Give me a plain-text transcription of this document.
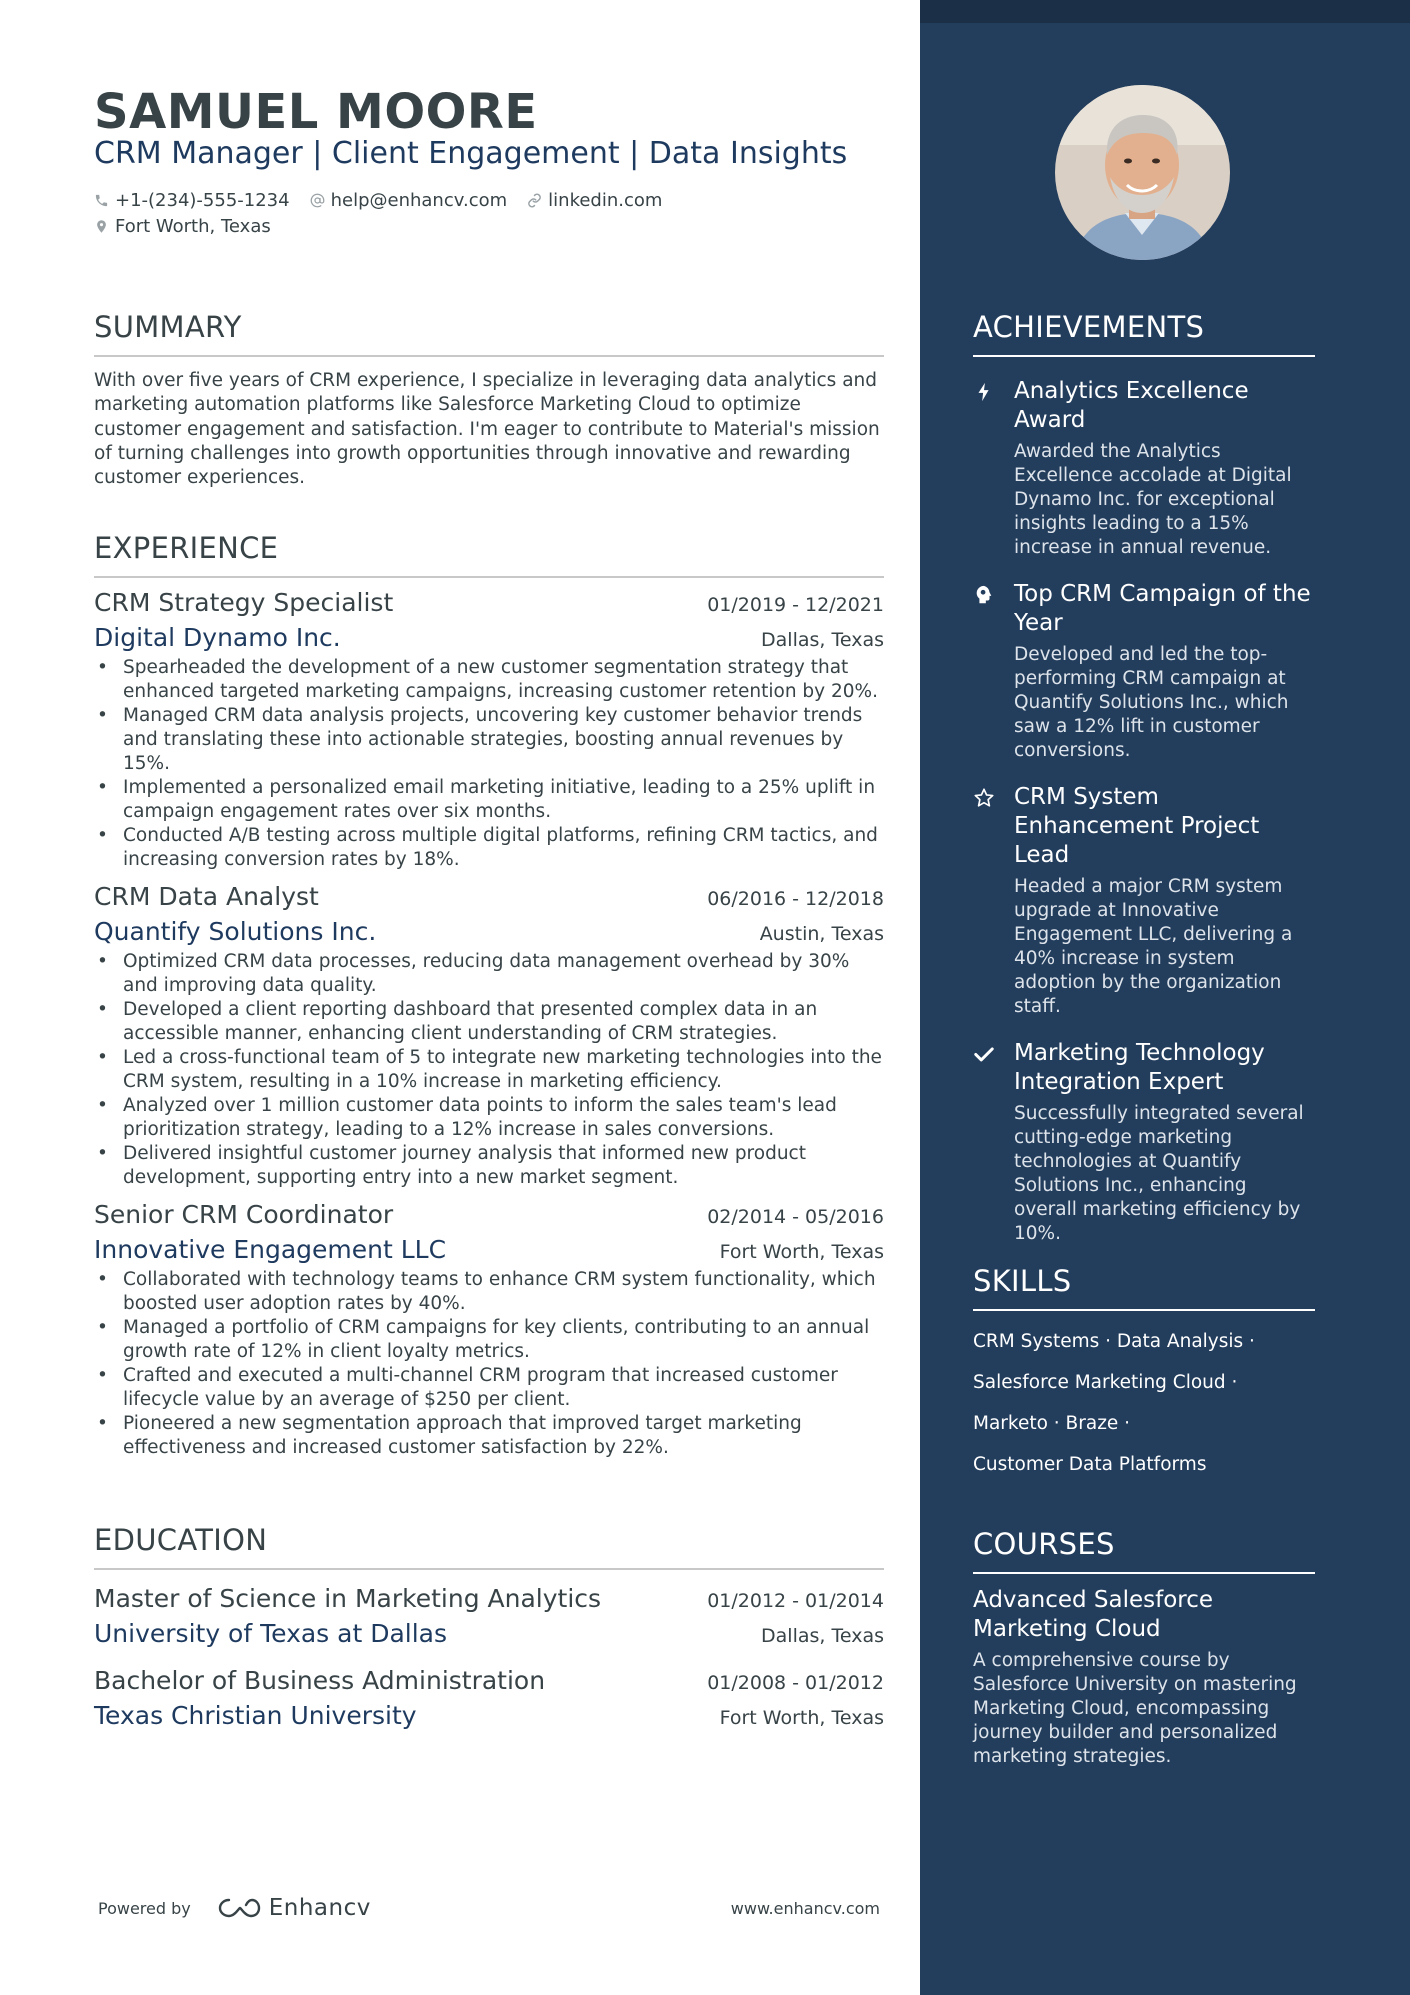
SAMUEL MOORE
CRM Manager | Client Engagement | Data Insights
+1-(234)-555-1234 help@enhancv.com linkedin.com
Fort Worth, Texas
SUMMARY
With over five years of CRM experience, I specialize in leveraging data analytics and marketing automation platforms like Salesforce Marketing Cloud to optimize customer engagement and satisfaction. I'm eager to contribute to Material's mission of turning challenges into growth opportunities through innovative and rewarding customer experiences.
EXPERIENCE
CRM Strategy Specialist	01/2019 - 12/2021
Digital Dynamo Inc.	Dallas, Texas
• Spearheaded the development of a new customer segmentation strategy that enhanced targeted marketing campaigns, increasing customer retention by 20%.
• Managed CRM data analysis projects, uncovering key customer behavior trends and translating these into actionable strategies, boosting annual revenues by 15%.
• Implemented a personalized email marketing initiative, leading to a 25% uplift in campaign engagement rates over six months.
• Conducted A/B testing across multiple digital platforms, refining CRM tactics, and increasing conversion rates by 18%.
CRM Data Analyst	06/2016 - 12/2018
Quantify Solutions Inc.	Austin, Texas
• Optimized CRM data processes, reducing data management overhead by 30% and improving data quality.
• Developed a client reporting dashboard that presented complex data in an accessible manner, enhancing client understanding of CRM strategies.
• Led a cross-functional team of 5 to integrate new marketing technologies into the CRM system, resulting in a 10% increase in marketing efficiency.
• Analyzed over 1 million customer data points to inform the sales team's lead prioritization strategy, leading to a 12% increase in sales conversions.
• Delivered insightful customer journey analysis that informed new product development, supporting entry into a new market segment.
Senior CRM Coordinator	02/2014 - 05/2016
Innovative Engagement LLC	Fort Worth, Texas
• Collaborated with technology teams to enhance CRM system functionality, which boosted user adoption rates by 40%.
• Managed a portfolio of CRM campaigns for key clients, contributing to an annual growth rate of 12% in client loyalty metrics.
• Crafted and executed a multi-channel CRM program that increased customer lifecycle value by an average of $250 per client.
• Pioneered a new segmentation approach that improved target marketing effectiveness and increased customer satisfaction by 22%.
EDUCATION
Master of Science in Marketing Analytics	01/2012 - 01/2014
University of Texas at Dallas	Dallas, Texas
Bachelor of Business Administration	01/2008 - 01/2012
Texas Christian University	Fort Worth, Texas
Powered by	Enhancv	www.enhancv.com
ACHIEVEMENTS
Analytics Excellence Award
Awarded the Analytics Excellence accolade at Digital Dynamo Inc. for exceptional insights leading to a 15% increase in annual revenue.
Top CRM Campaign of the Year
Developed and led the top-performing CRM campaign at Quantify Solutions Inc., which saw a 12% lift in customer conversions.
CRM System Enhancement Project Lead
Headed a major CRM system upgrade at Innovative Engagement LLC, delivering a 40% increase in system adoption by the organization staff.
Marketing Technology Integration Expert
Successfully integrated several cutting-edge marketing technologies at Quantify Solutions Inc., enhancing overall marketing efficiency by 10%.
SKILLS
CRM Systems · Data Analysis ·
Salesforce Marketing Cloud ·
Marketo · Braze ·
Customer Data Platforms
COURSES
Advanced Salesforce Marketing Cloud
A comprehensive course by Salesforce University on mastering Marketing Cloud, encompassing journey builder and personalized marketing strategies.
